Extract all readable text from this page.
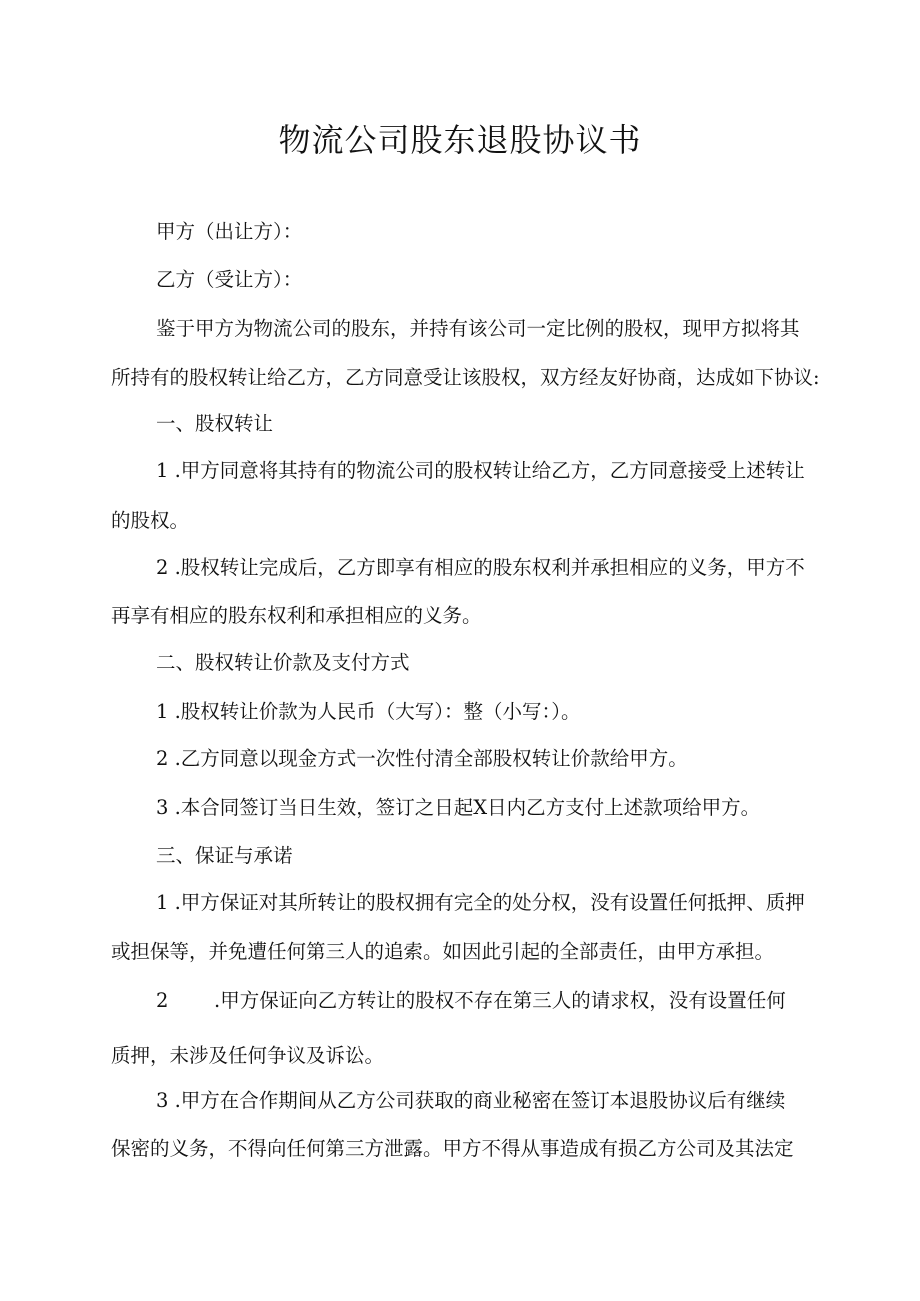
物流公司股东退股协议书
甲方（出让方）：
乙方（受让方）：
鉴于甲方为物流公司的股东，并持有该公司一定比例的股权，现甲方拟将其
所持有的股权转让给乙方，乙方同意受让该股权，双方经友好协商，达成如下协议:
一、股权转让
1 .甲方同意将其持有的物流公司的股权转让给乙方，乙方同意接受上述转让
的股权。
2 .股权转让完成后，乙方即享有相应的股东权利并承担相应的义务，甲方不
再享有相应的股东权利和承担相应的义务。
二、股权转让价款及支付方式
1 .股权转让价款为人民币（大写）：整（小写：）。
2 .乙方同意以现金方式一次性付清全部股权转让价款给甲方。
3 .本合同签订当日生效，签订之日起X日内乙方支付上述款项给甲方。
三、保证与承诺
1 .甲方保证对其所转让的股权拥有完全的处分权，没有设置任何抵押、质押
或担保等，并免遭任何第三人的追索。如因此引起的全部责任，由甲方承担。
2 .甲方保证向乙方转让的股权不存在第三人的请求权，没有设置任何
质押，未涉及任何争议及诉讼。
3 .甲方在合作期间从乙方公司获取的商业秘密在签订本退股协议后有继续
保密的义务，不得向任何第三方泄露。甲方不得从事造成有损乙方公司及其法定
